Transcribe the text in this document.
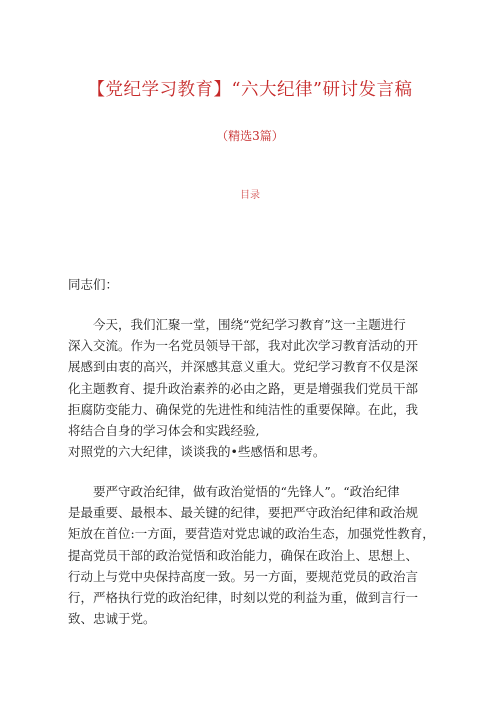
【党纪学习教育】“六大纪律”研讨发言稿
（精选3篇）
目录
同志们：
　　今天，我们汇聚一堂，围绕“党纪学习教育”这一主题进行
深入交流。作为一名党员领导干部，我对此次学习教育活动的开
展感到由衷的高兴，并深感其意义重大。党纪学习教育不仅是深
化主题教育、提升政治素养的必由之路，更是增强我们党员干部
拒腐防变能力、确保党的先进性和纯洁性的重要保障。在此，我
将结合自身的学习体会和实践经验,
对照党的六大纪律，谈谈我的•些感悟和思考。
　　要严守政治纪律，做有政治觉悟的“先锋人”。“政治纪律
是最重要、最根本、最关键的纪律，要把严守政治纪律和政治规
矩放在首位:一方面，要营造对党忠诚的政治生态，加强党性教育，
提高党员干部的政治觉悟和政治能力，确保在政治上、思想上、
行动上与党中央保持高度一致。另一方面，要规范党员的政治言
行，严格执行党的政治纪律，时刻以党的利益为重，做到言行一
致、忠诚于党。
